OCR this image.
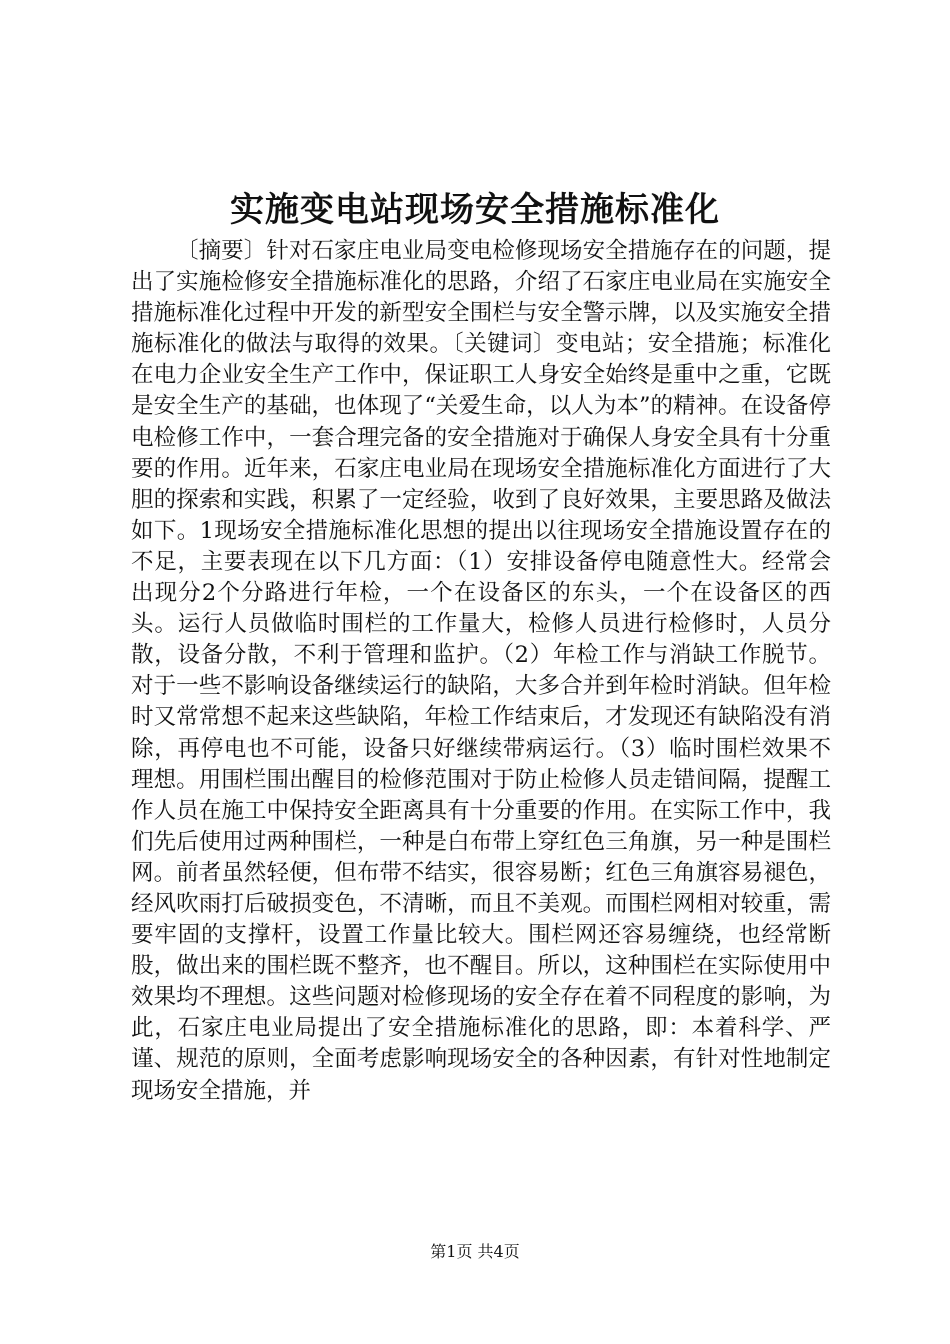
实施变电站现场安全措施标准化

〔摘要〕针对石家庄电业局变电检修现场安全措施存在的问题，提出了实施检修安全措施标准化的思路，介绍了石家庄电业局在实施安全措施标准化过程中开发的新型安全围栏与安全警示牌，以及实施安全措施标准化的做法与取得的效果。〔关键词〕变电站；安全措施；标准化在电力企业安全生产工作中，保证职工人身安全始终是重中之重，它既是安全生产的基础，也体现了“关爱生命，以人为本”的精神。在设备停电检修工作中，一套合理完备的安全措施对于确保人身安全具有十分重要的作用。近年来，石家庄电业局在现场安全措施标准化方面进行了大胆的探索和实践，积累了一定经验，收到了良好效果，主要思路及做法如下。1现场安全措施标准化思想的提出以往现场安全措施设置存在的不足，主要表现在以下几方面：（1）安排设备停电随意性大。经常会出现分2个分路进行年检，一个在设备区的东头，一个在设备区的西头。运行人员做临时围栏的工作量大，检修人员进行检修时，人员分散，设备分散，不利于管理和监护。（2）年检工作与消缺工作脱节。对于一些不影响设备继续运行的缺陷，大多合并到年检时消缺。但年检时又常常想不起来这些缺陷，年检工作结束后，才发现还有缺陷没有消除，再停电也不可能，设备只好继续带病运行。（3）临时围栏效果不理想。用围栏围出醒目的检修范围对于防止检修人员走错间隔，提醒工作人员在施工中保持安全距离具有十分重要的作用。在实际工作中，我们先后使用过两种围栏，一种是白布带上穿红色三角旗，另一种是围栏网。前者虽然轻便，但布带不结实，很容易断；红色三角旗容易褪色，经风吹雨打后破损变色，不清晰，而且不美观。而围栏网相对较重，需要牢固的支撑杆，设置工作量比较大。围栏网还容易缠绕，也经常断股，做出来的围栏既不整齐，也不醒目。所以，这种围栏在实际使用中效果均不理想。这些问题对检修现场的安全存在着不同程度的影响，为此，石家庄电业局提出了安全措施标准化的思路，即：本着科学、严谨、规范的原则，全面考虑影响现场安全的各种因素，有针对性地制定现场安全措施，并

第1页 共4页
